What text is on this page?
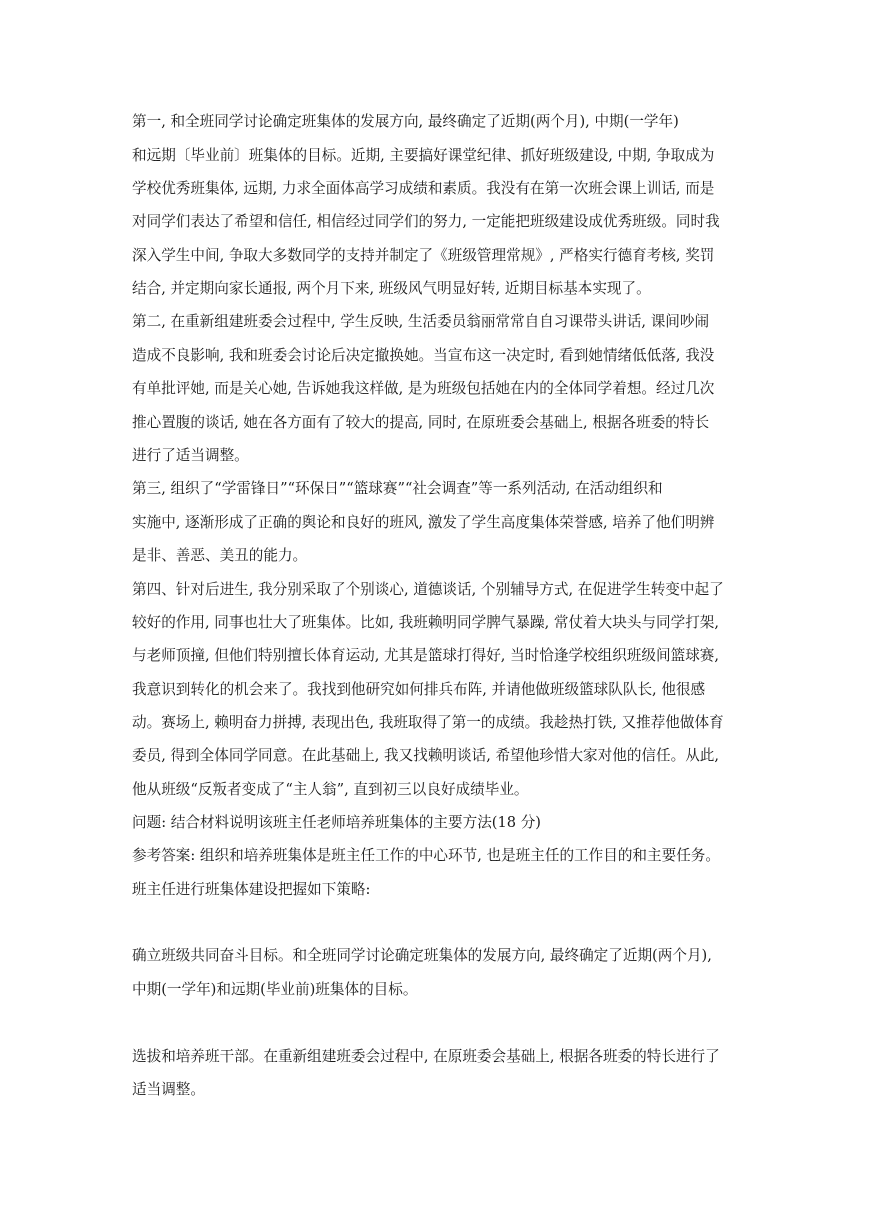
第一, 和全班同学讨论确定班集体的发展方向, 最终确定了近期(两个月), 中期(一学年)
和远期〔毕业前〕班集体的目标。近期, 主要搞好课堂纪律、抓好班级建设, 中期, 争取成为
学校优秀班集体, 远期, 力求全面体高学习成绩和素质。我没有在第一次班会课上训话, 而是
对同学们表达了希望和信任, 相信经过同学们的努力, 一定能把班级建设成优秀班级。同时我
深入学生中间, 争取大多数同学的支持并制定了《班级管理常规》, 严格实行德育考核, 奖罚
结合, 并定期向家长通报, 两个月下来, 班级风气明显好转, 近期目标基本实现了。
第二, 在重新组建班委会过程中, 学生反映, 生活委员翁丽常常自自习课带头讲话, 课间吵闹
造成不良影响, 我和班委会讨论后决定撤换她。当宣布这一决定时, 看到她情绪低低落, 我没
有单批评她, 而是关心她, 告诉她我这样做, 是为班级包括她在内的全体同学着想。经过几次
推心置腹的谈话, 她在各方面有了较大的提高, 同时, 在原班委会基础上, 根据各班委的特长
进行了适当调整。
第三, 组织了“学雷锋日”“环保日”“篮球赛”“社会调查”等一系列活动, 在活动组织和
实施中, 逐渐形成了正确的舆论和良好的班风, 激发了学生高度集体荣誉感, 培养了他们明辨
是非、善恶、美丑的能力。
第四、针对后进生, 我分别采取了个别谈心, 道德谈话, 个别辅导方式, 在促进学生转变中起了
较好的作用, 同事也壮大了班集体。比如, 我班赖明同学脾气暴躁, 常仗着大块头与同学打架,
与老师顶撞, 但他们特别擅长体育运动, 尤其是篮球打得好, 当时恰逢学校组织班级间篮球赛,
我意识到转化的机会来了。我找到他研究如何排兵布阵, 并请他做班级篮球队队长, 他很感
动。赛场上, 赖明奋力拼搏, 表现出色, 我班取得了第一的成绩。我趁热打铁, 又推荐他做体育
委员, 得到全体同学同意。在此基础上, 我又找赖明谈话, 希望他珍惜大家对他的信任。从此,
他从班级“反叛者变成了“主人翁”, 直到初三以良好成绩毕业。
问题: 结合材料说明该班主任老师培养班集体的主要方法(18 分)
参考答案: 组织和培养班集体是班主任工作的中心环节, 也是班主任的工作目的和主要任务。
班主任进行班集体建设把握如下策略:
确立班级共同奋斗目标。和全班同学讨论确定班集体的发展方向, 最终确定了近期(两个月),
中期(一学年)和远期(毕业前)班集体的目标。
选拔和培养班干部。在重新组建班委会过程中, 在原班委会基础上, 根据各班委的特长进行了
适当调整。
